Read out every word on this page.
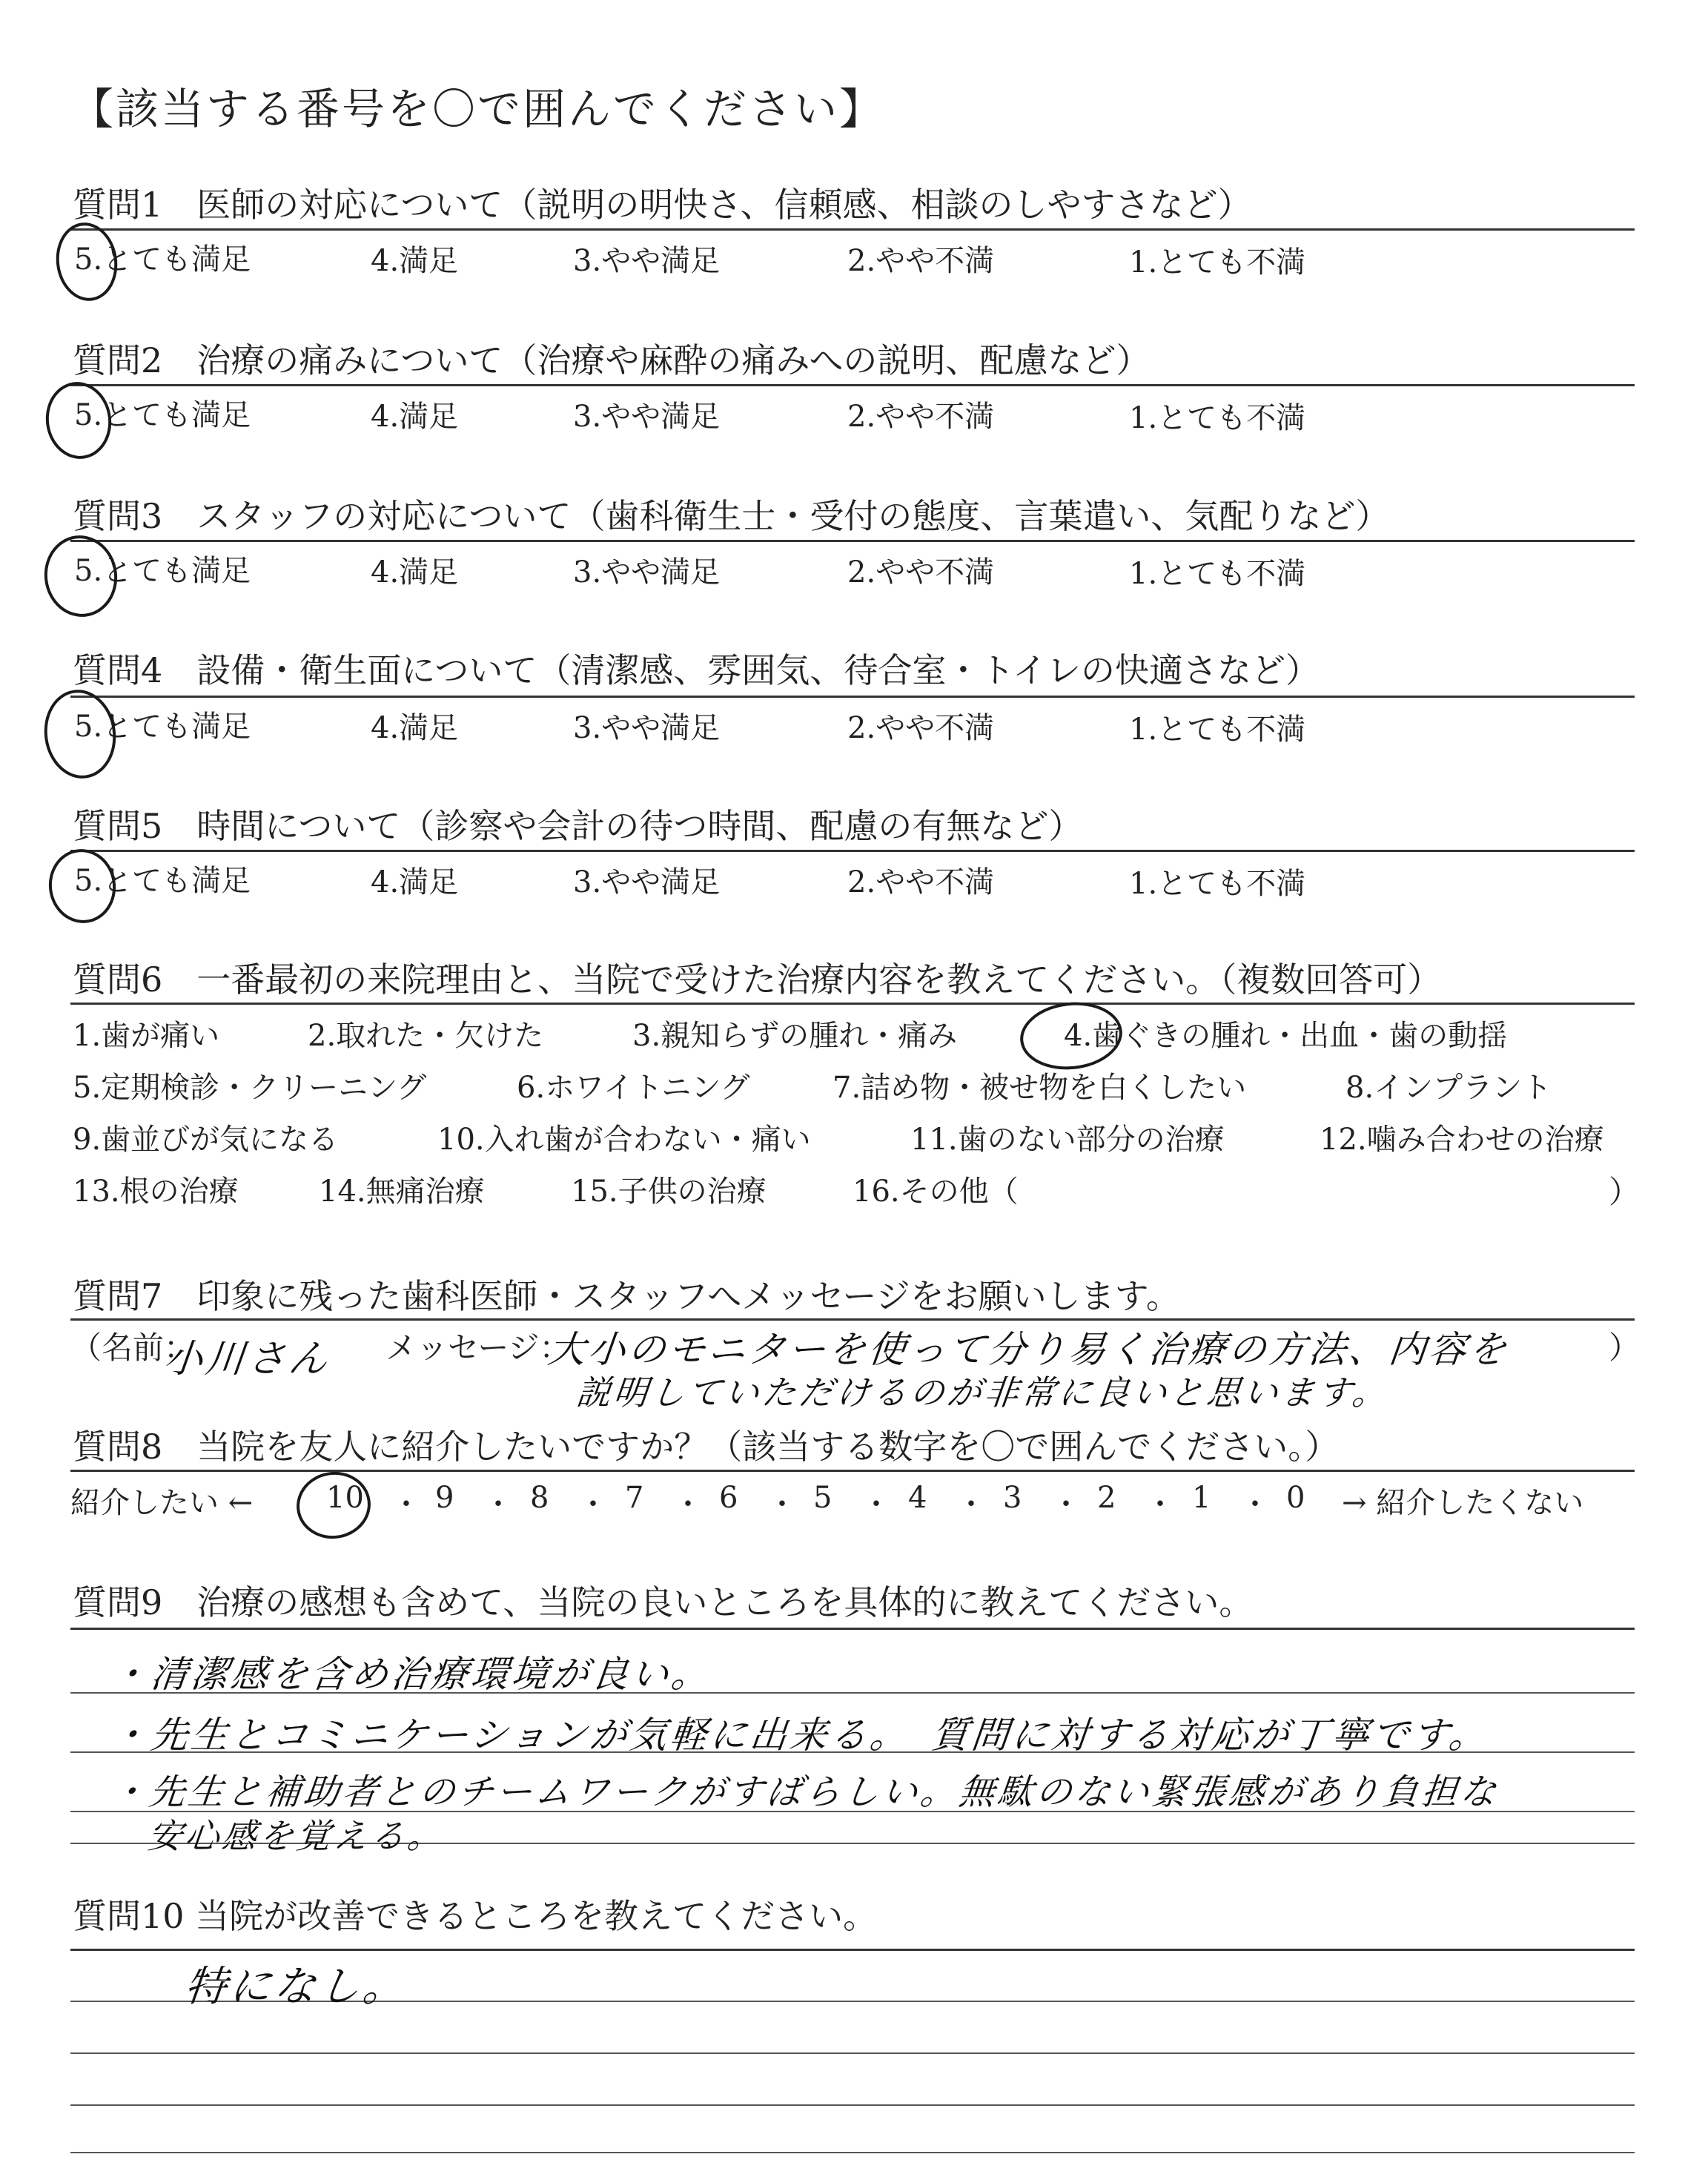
【該当する番号を〇で囲んでください】
質問1　医師の対応について（説明の明快さ、信頼感、相談のしやすさなど）
5.とても満足	4.満足	3.やや満足	2.やや不満	1.とても不満
質問2　治療の痛みについて（治療や麻酔の痛みへの説明、配慮など）
5.とても満足	4.満足	3.やや満足	2.やや不満	1.とても不満
質問3　スタッフの対応について（歯科衛生士・受付の態度、言葉遣い、気配りなど）
5.とても満足	4.満足	3.やや満足	2.やや不満	1.とても不満
質問4　設備・衛生面について（清潔感、雰囲気、待合室・トイレの快適さなど）
5.とても満足	4.満足	3.やや満足	2.やや不満	1.とても不満
質問5　時間について（診察や会計の待つ時間、配慮の有無など）
5.とても満足	4.満足	3.やや満足	2.やや不満	1.とても不満
質問6　一番最初の来院理由と、当院で受けた治療内容を教えてください。（複数回答可）
1.歯が痛い	2.取れた・欠けた	3.親知らずの腫れ・痛み	4.歯ぐきの腫れ・出血・歯の動揺
5.定期検診・クリーニング	6.ホワイトニング	7.詰め物・被せ物を白くしたい	8.インプラント
9.歯並びが気になる	10.入れ歯が合わない・痛い	11.歯のない部分の治療	12.噛み合わせの治療
13.根の治療	14.無痛治療	15.子供の治療	16.その他（	）
質問7　印象に残った歯科医師・スタッフへメッセージをお願いします。
（名前：
小川さん メッセージ：
大小のモニターを使って分り易く治療の方法、内容を
説明していただけるのが非常に良いと思います。
）
質問8　当院を友人に紹介したいですか？（該当する数字を〇で囲んでください。）
紹介したい ← 10 ・ 9 ・ 8 ・ 7 ・ 6 ・ 5 ・ 4 ・ 3 ・ 2 ・ 1 ・ 0 → 紹介したくない
質問9　治療の感想も含めて、当院の良いところを具体的に教えてください。
・清潔感を含め治療環境が良い。
・先生とコミニケーションが気軽に出来る。　質問に対する対応が丁寧です。
・先生と補助者とのチームワークがすばらしい。無駄のない緊張感があり負担な
　安心感を覚える。
質問10 当院が改善できるところを教えてください。
特になし。
